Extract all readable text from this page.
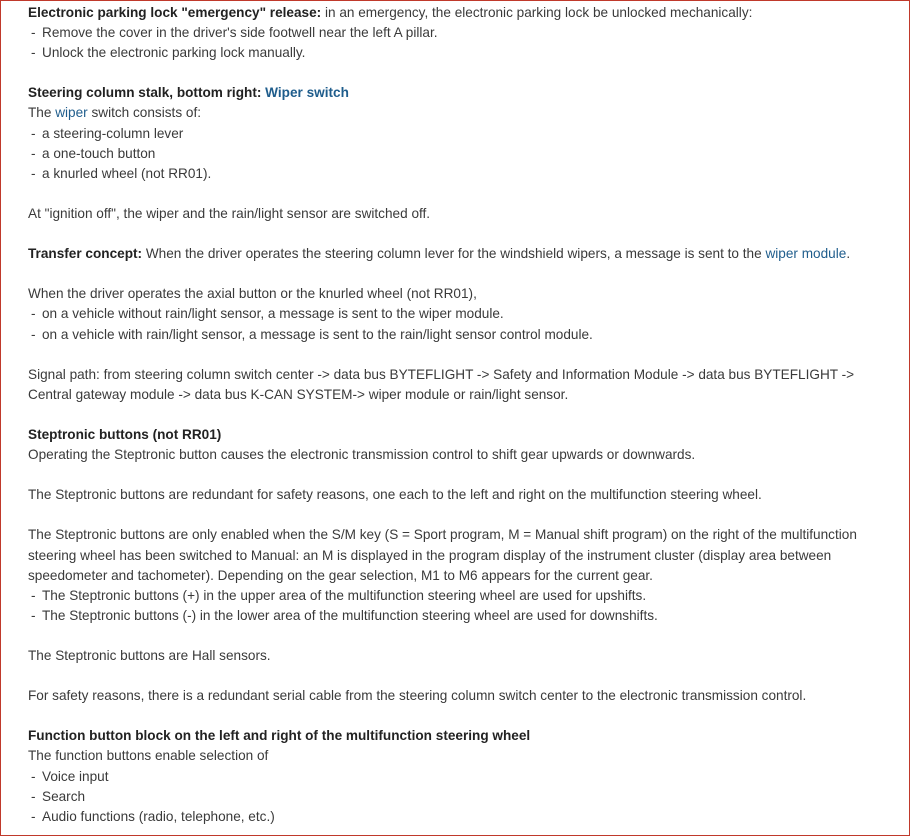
Electronic parking lock "emergency" release: in an emergency, the electronic parking lock be unlocked mechanically:
- Remove the cover in the driver's side footwell near the left A pillar.
- Unlock the electronic parking lock manually.
Steering column stalk, bottom right: Wiper switch
The wiper switch consists of:
- a steering-column lever
- a one-touch button
- a knurled wheel (not RR01).
At "ignition off", the wiper and the rain/light sensor are switched off.
Transfer concept: When the driver operates the steering column lever for the windshield wipers, a message is sent to the wiper module.
When the driver operates the axial button or the knurled wheel (not RR01),
- on a vehicle without rain/light sensor, a message is sent to the wiper module.
- on a vehicle with rain/light sensor, a message is sent to the rain/light sensor control module.
Signal path: from steering column switch center -> data bus BYTEFLIGHT -> Safety and Information Module -> data bus BYTEFLIGHT ->
Central gateway module -> data bus K-CAN SYSTEM-> wiper module or rain/light sensor.
Steptronic buttons (not RR01)
Operating the Steptronic button causes the electronic transmission control to shift gear upwards or downwards.
The Steptronic buttons are redundant for safety reasons, one each to the left and right on the multifunction steering wheel.
The Steptronic buttons are only enabled when the S/M key (S = Sport program, M = Manual shift program) on the right of the multifunction
steering wheel has been switched to Manual: an M is displayed in the program display of the instrument cluster (display area between
speedometer and tachometer). Depending on the gear selection, M1 to M6 appears for the current gear.
- The Steptronic buttons (+) in the upper area of the multifunction steering wheel are used for upshifts.
- The Steptronic buttons (-) in the lower area of the multifunction steering wheel are used for downshifts.
The Steptronic buttons are Hall sensors.
For safety reasons, there is a redundant serial cable from the steering column switch center to the electronic transmission control.
Function button block on the left and right of the multifunction steering wheel
The function buttons enable selection of
- Voice input
- Search
- Audio functions (radio, telephone, etc.)
